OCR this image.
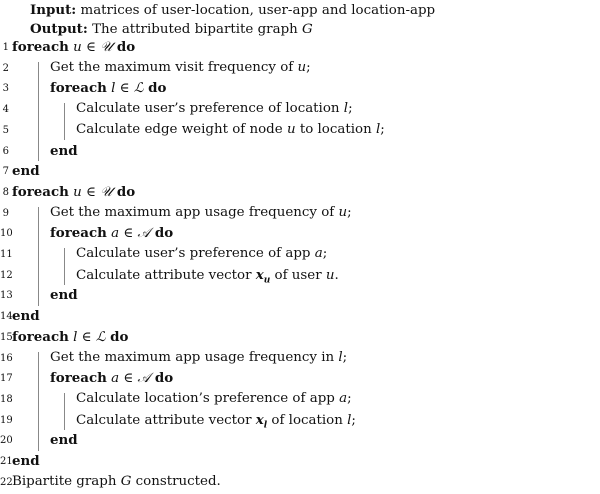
Input: matrices of user-location, user-app and location-app
Output: The attributed bipartite graph G
1 foreach u ∈ 𝒰 do
2	Get the maximum visit frequency of u;
3	foreach l ∈ ℒ do
4	Calculate user’s preference of location l;
5	Calculate edge weight of node u to location l;
6	end
7 end
8 foreach u ∈ 𝒰 do
9	Get the maximum app usage frequency of u;
10	foreach a ∈ 𝒜 do
11	Calculate user’s preference of app a;
12	Calculate attribute vector $x_u$ of user u.
13	end
14 end
15 foreach l ∈ ℒ do
16	Get the maximum app usage frequency in l;
17	foreach a ∈ 𝒜 do
18	Calculate location’s preference of app a;
19	Calculate attribute vector $x_l$ of location l;
20	end
21 end
22 Bipartite graph G constructed.
